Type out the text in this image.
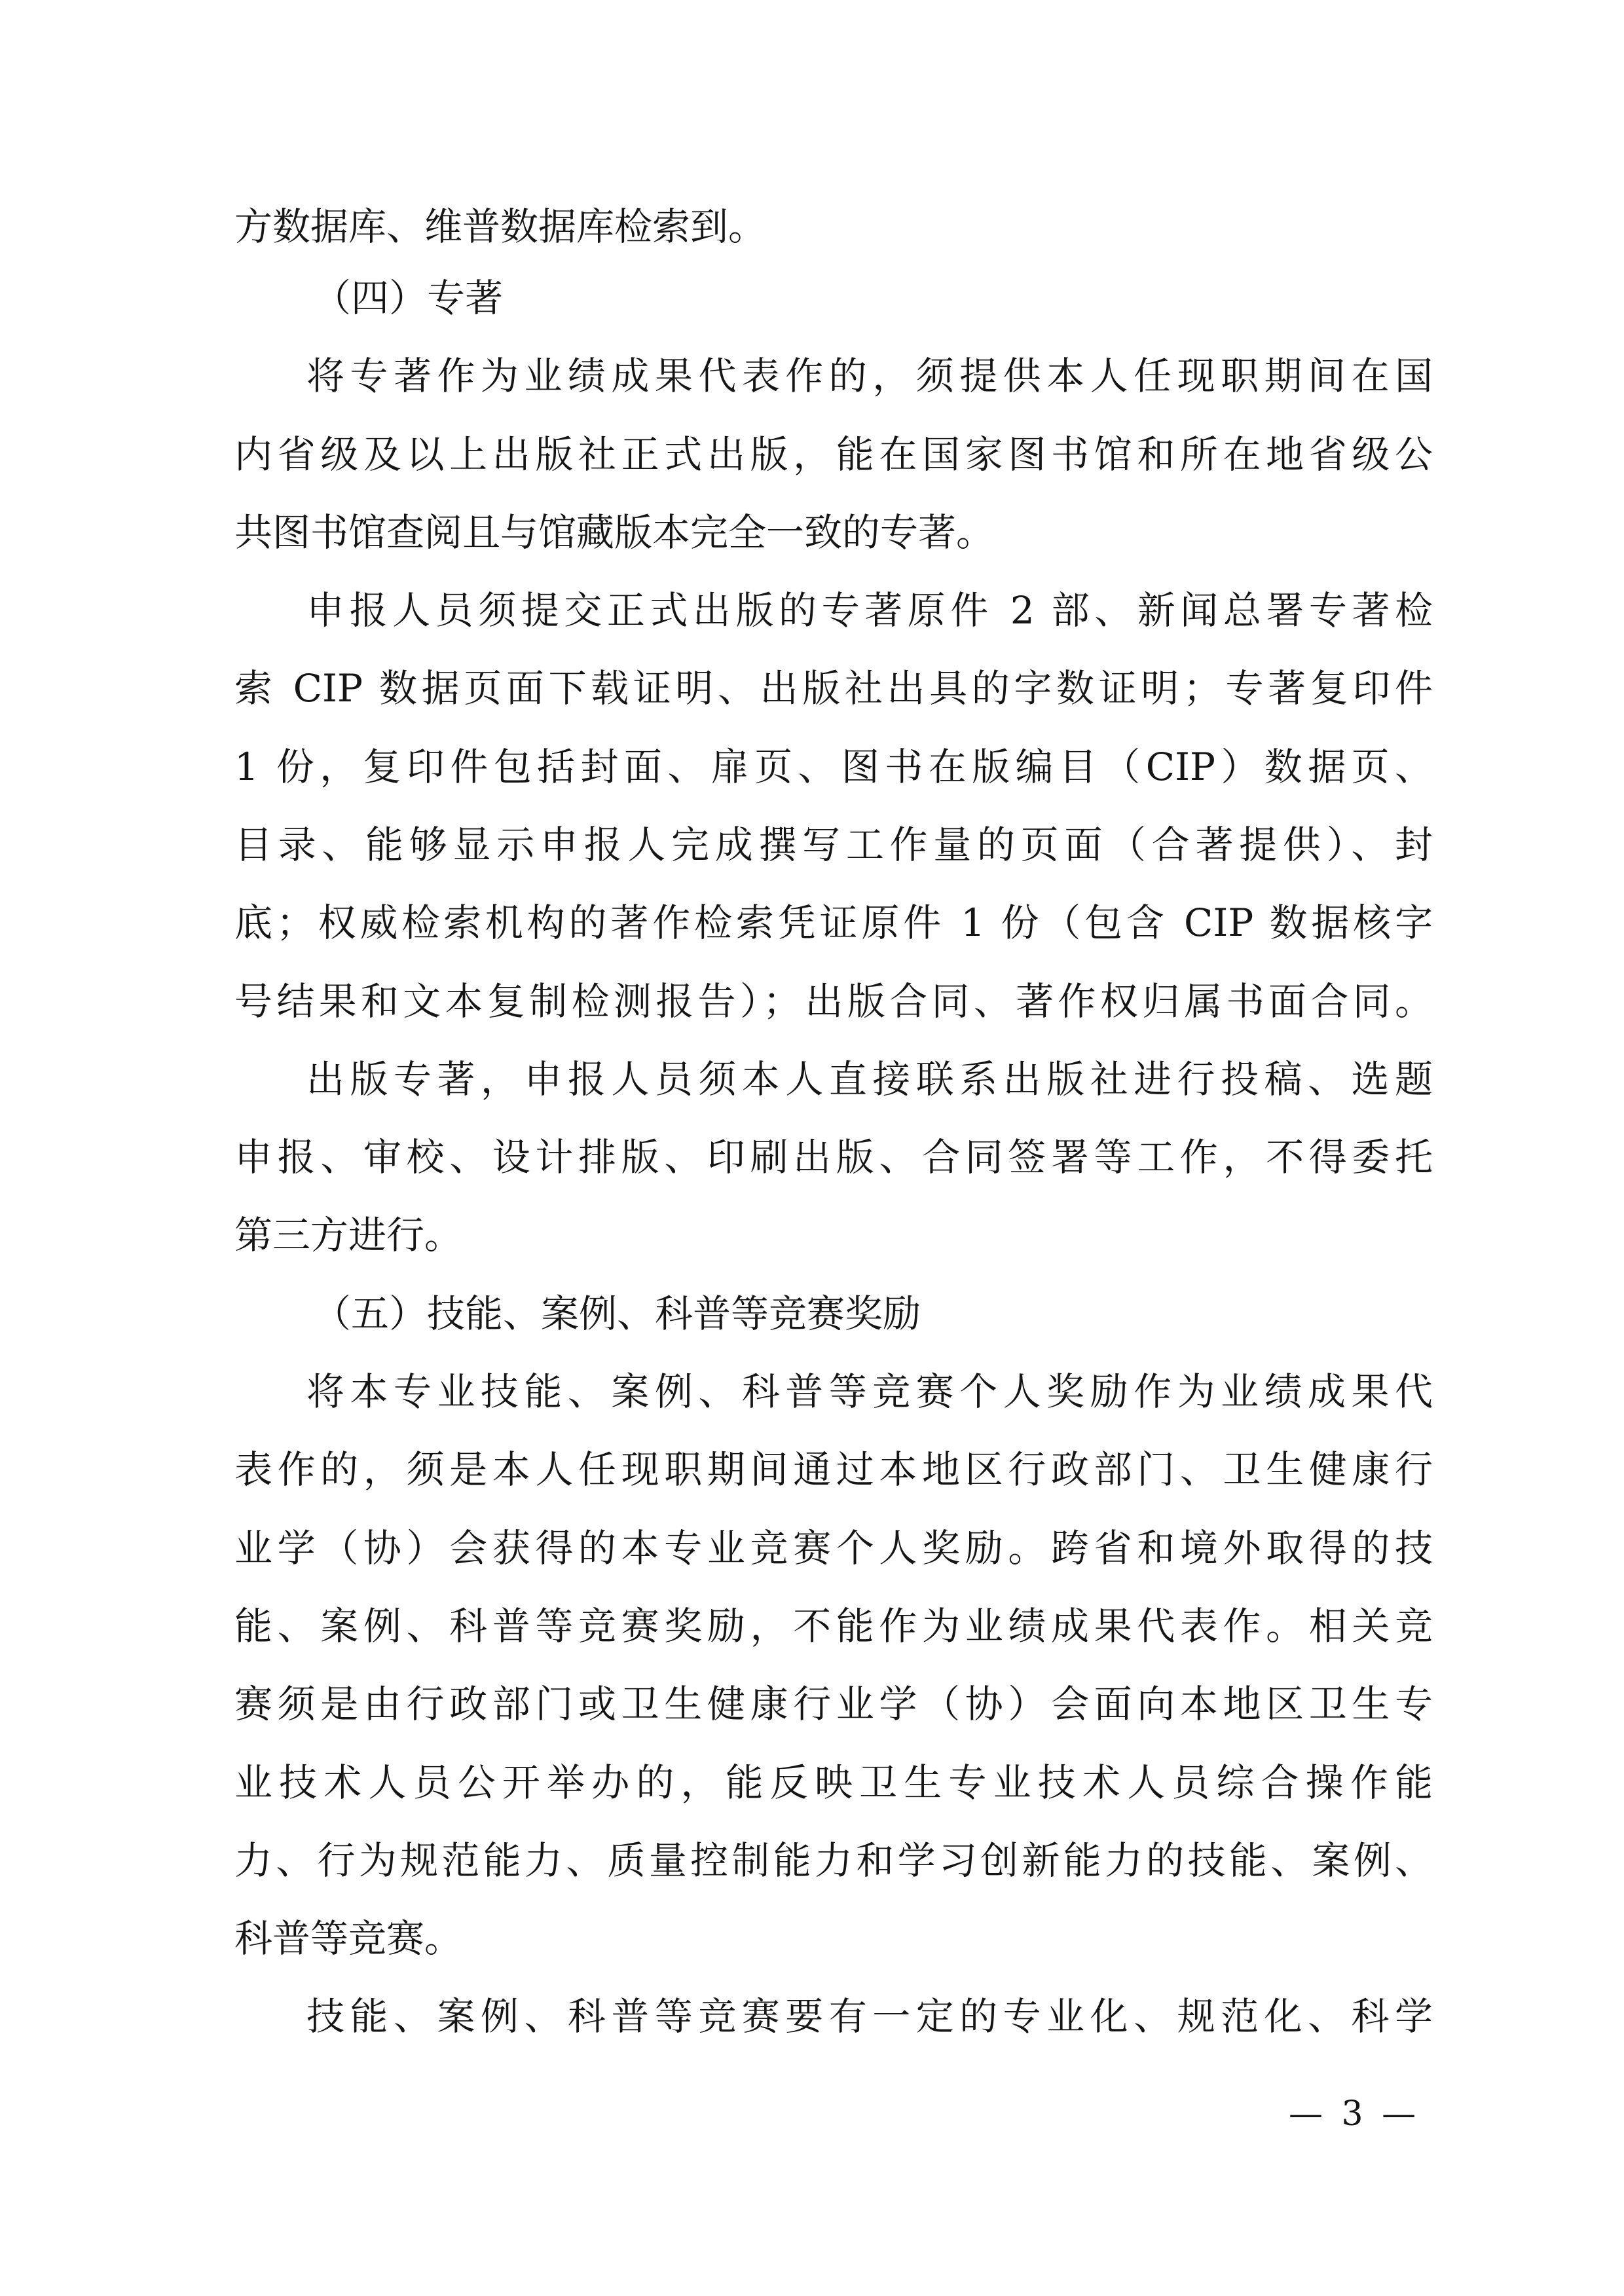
方数据库、维普数据库检索到。
（四）专著
将专著作为业绩成果代表作的，须提供本人任现职期间在国
内省级及以上出版社正式出版，能在国家图书馆和所在地省级公
共图书馆查阅且与馆藏版本完全一致的专著。
申报人员须提交正式出版的专著原件 2 部、新闻总署专著检
索 CIP 数据页面下载证明、出版社出具的字数证明；专著复印件
1 份，复印件包括封面、扉页、图书在版编目（CIP）数据页、
目录、能够显示申报人完成撰写工作量的页面（合著提供）、封
底；权威检索机构的著作检索凭证原件 1 份（包含 CIP 数据核字
号结果和文本复制检测报告）；出版合同、著作权归属书面合同。
出版专著，申报人员须本人直接联系出版社进行投稿、选题
申报、审校、设计排版、印刷出版、合同签署等工作，不得委托
第三方进行。
（五）技能、案例、科普等竞赛奖励
将本专业技能、案例、科普等竞赛个人奖励作为业绩成果代
表作的，须是本人任现职期间通过本地区行政部门、卫生健康行
业学（协）会获得的本专业竞赛个人奖励。跨省和境外取得的技
能、案例、科普等竞赛奖励，不能作为业绩成果代表作。相关竞
赛须是由行政部门或卫生健康行业学（协）会面向本地区卫生专
业技术人员公开举办的，能反映卫生专业技术人员综合操作能
力、行为规范能力、质量控制能力和学习创新能力的技能、案例、
科普等竞赛。
技能、案例、科普等竞赛要有一定的专业化、规范化、科学
— 3 —
